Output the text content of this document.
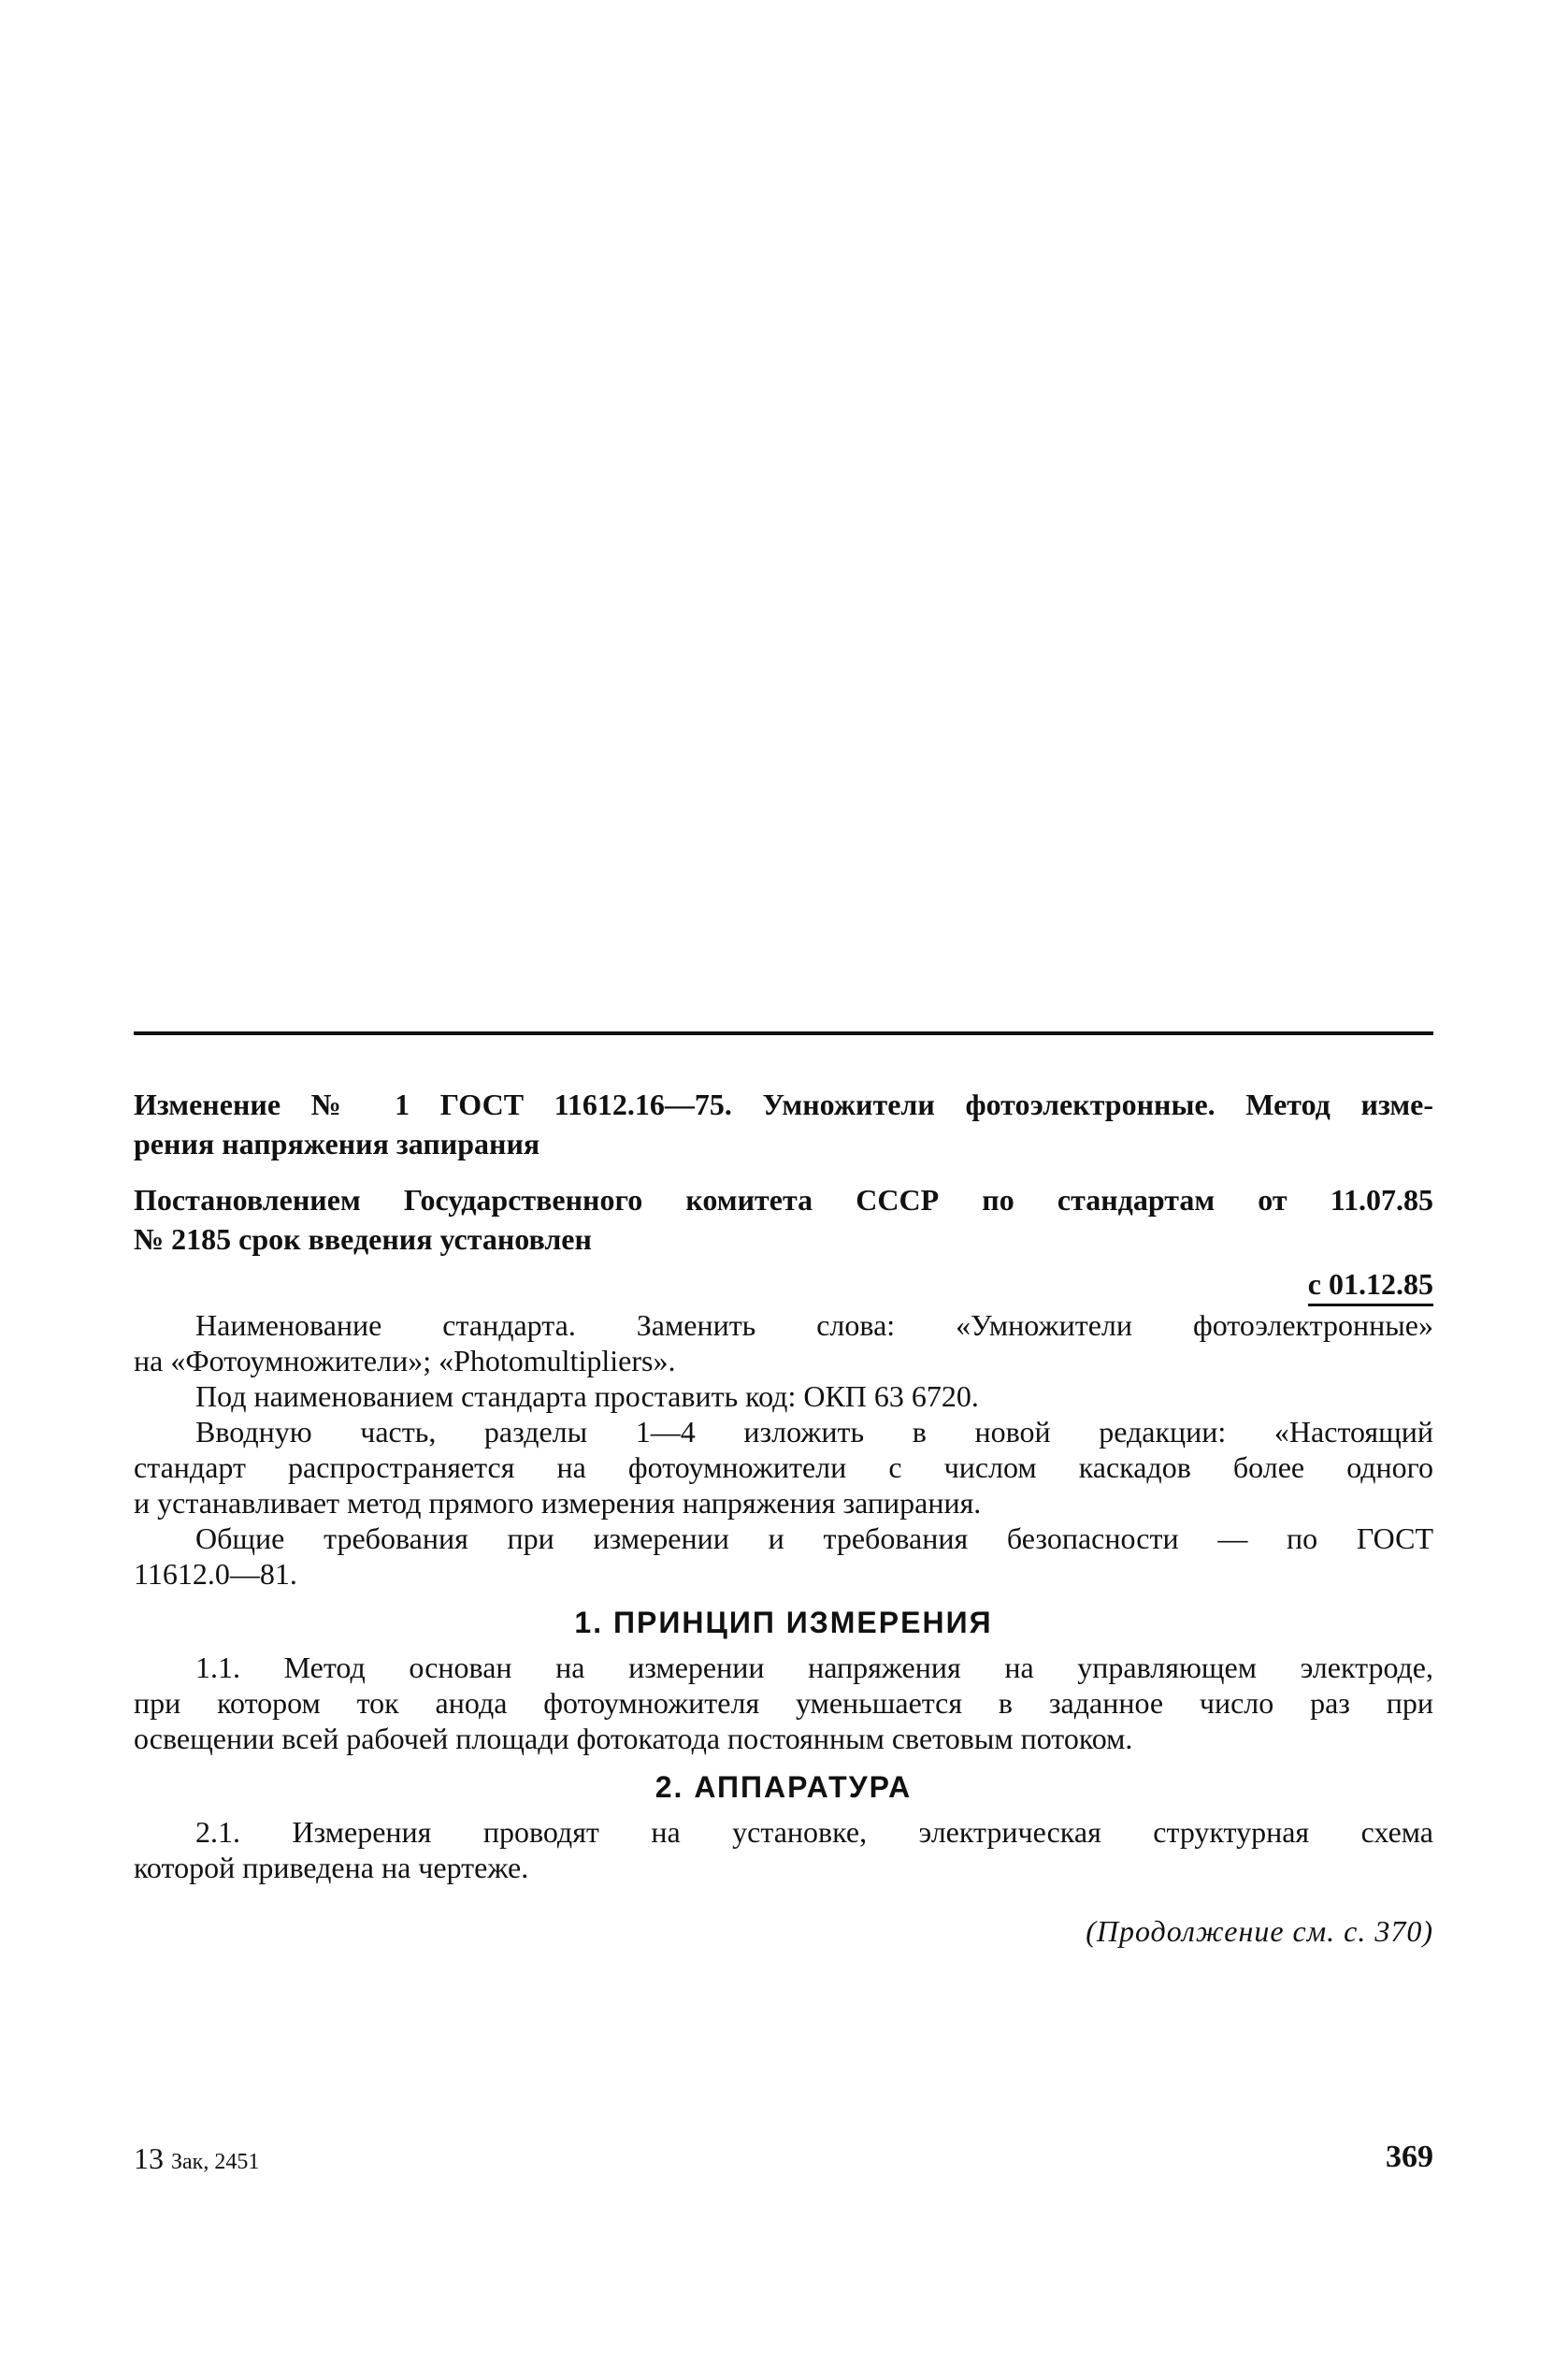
Изменение № 1 ГОСТ 11612.16—75. Умножители фотоэлектронные. Метод изме-
рения напряжения запирания
Постановлением Государственного комитета СССР по стандартам от 11.07.85
№ 2185 срок введения установлен
с 01.12.85
Наименование стандарта. Заменить слова: «Умножители фотоэлектронные»
на «Фотоумножители»; «Photomultipliers».
Под наименованием стандарта проставить код: ОКП 63 6720.
Вводную часть, разделы 1—4 изложить в новой редакции: «Настоящий
стандарт распространяется на фотоумножители с числом каскадов более одного
и устанавливает метод прямого измерения напряжения запирания.
Общие требования при измерении и требования безопасности — по ГОСТ
11612.0—81.
1. ПРИНЦИП ИЗМЕРЕНИЯ
1.1. Метод основан на измерении напряжения на управляющем электроде,
при котором ток анода фотоумножителя уменьшается в заданное число раз при
освещении всей рабочей площади фотокатода постоянным световым потоком.
2. АППАРАТУРА
2.1. Измерения проводят на установке, электрическая структурная схема
которой приведена на чертеже.
(Продолжение см. с. 370)
13 Зак, 2451	369
